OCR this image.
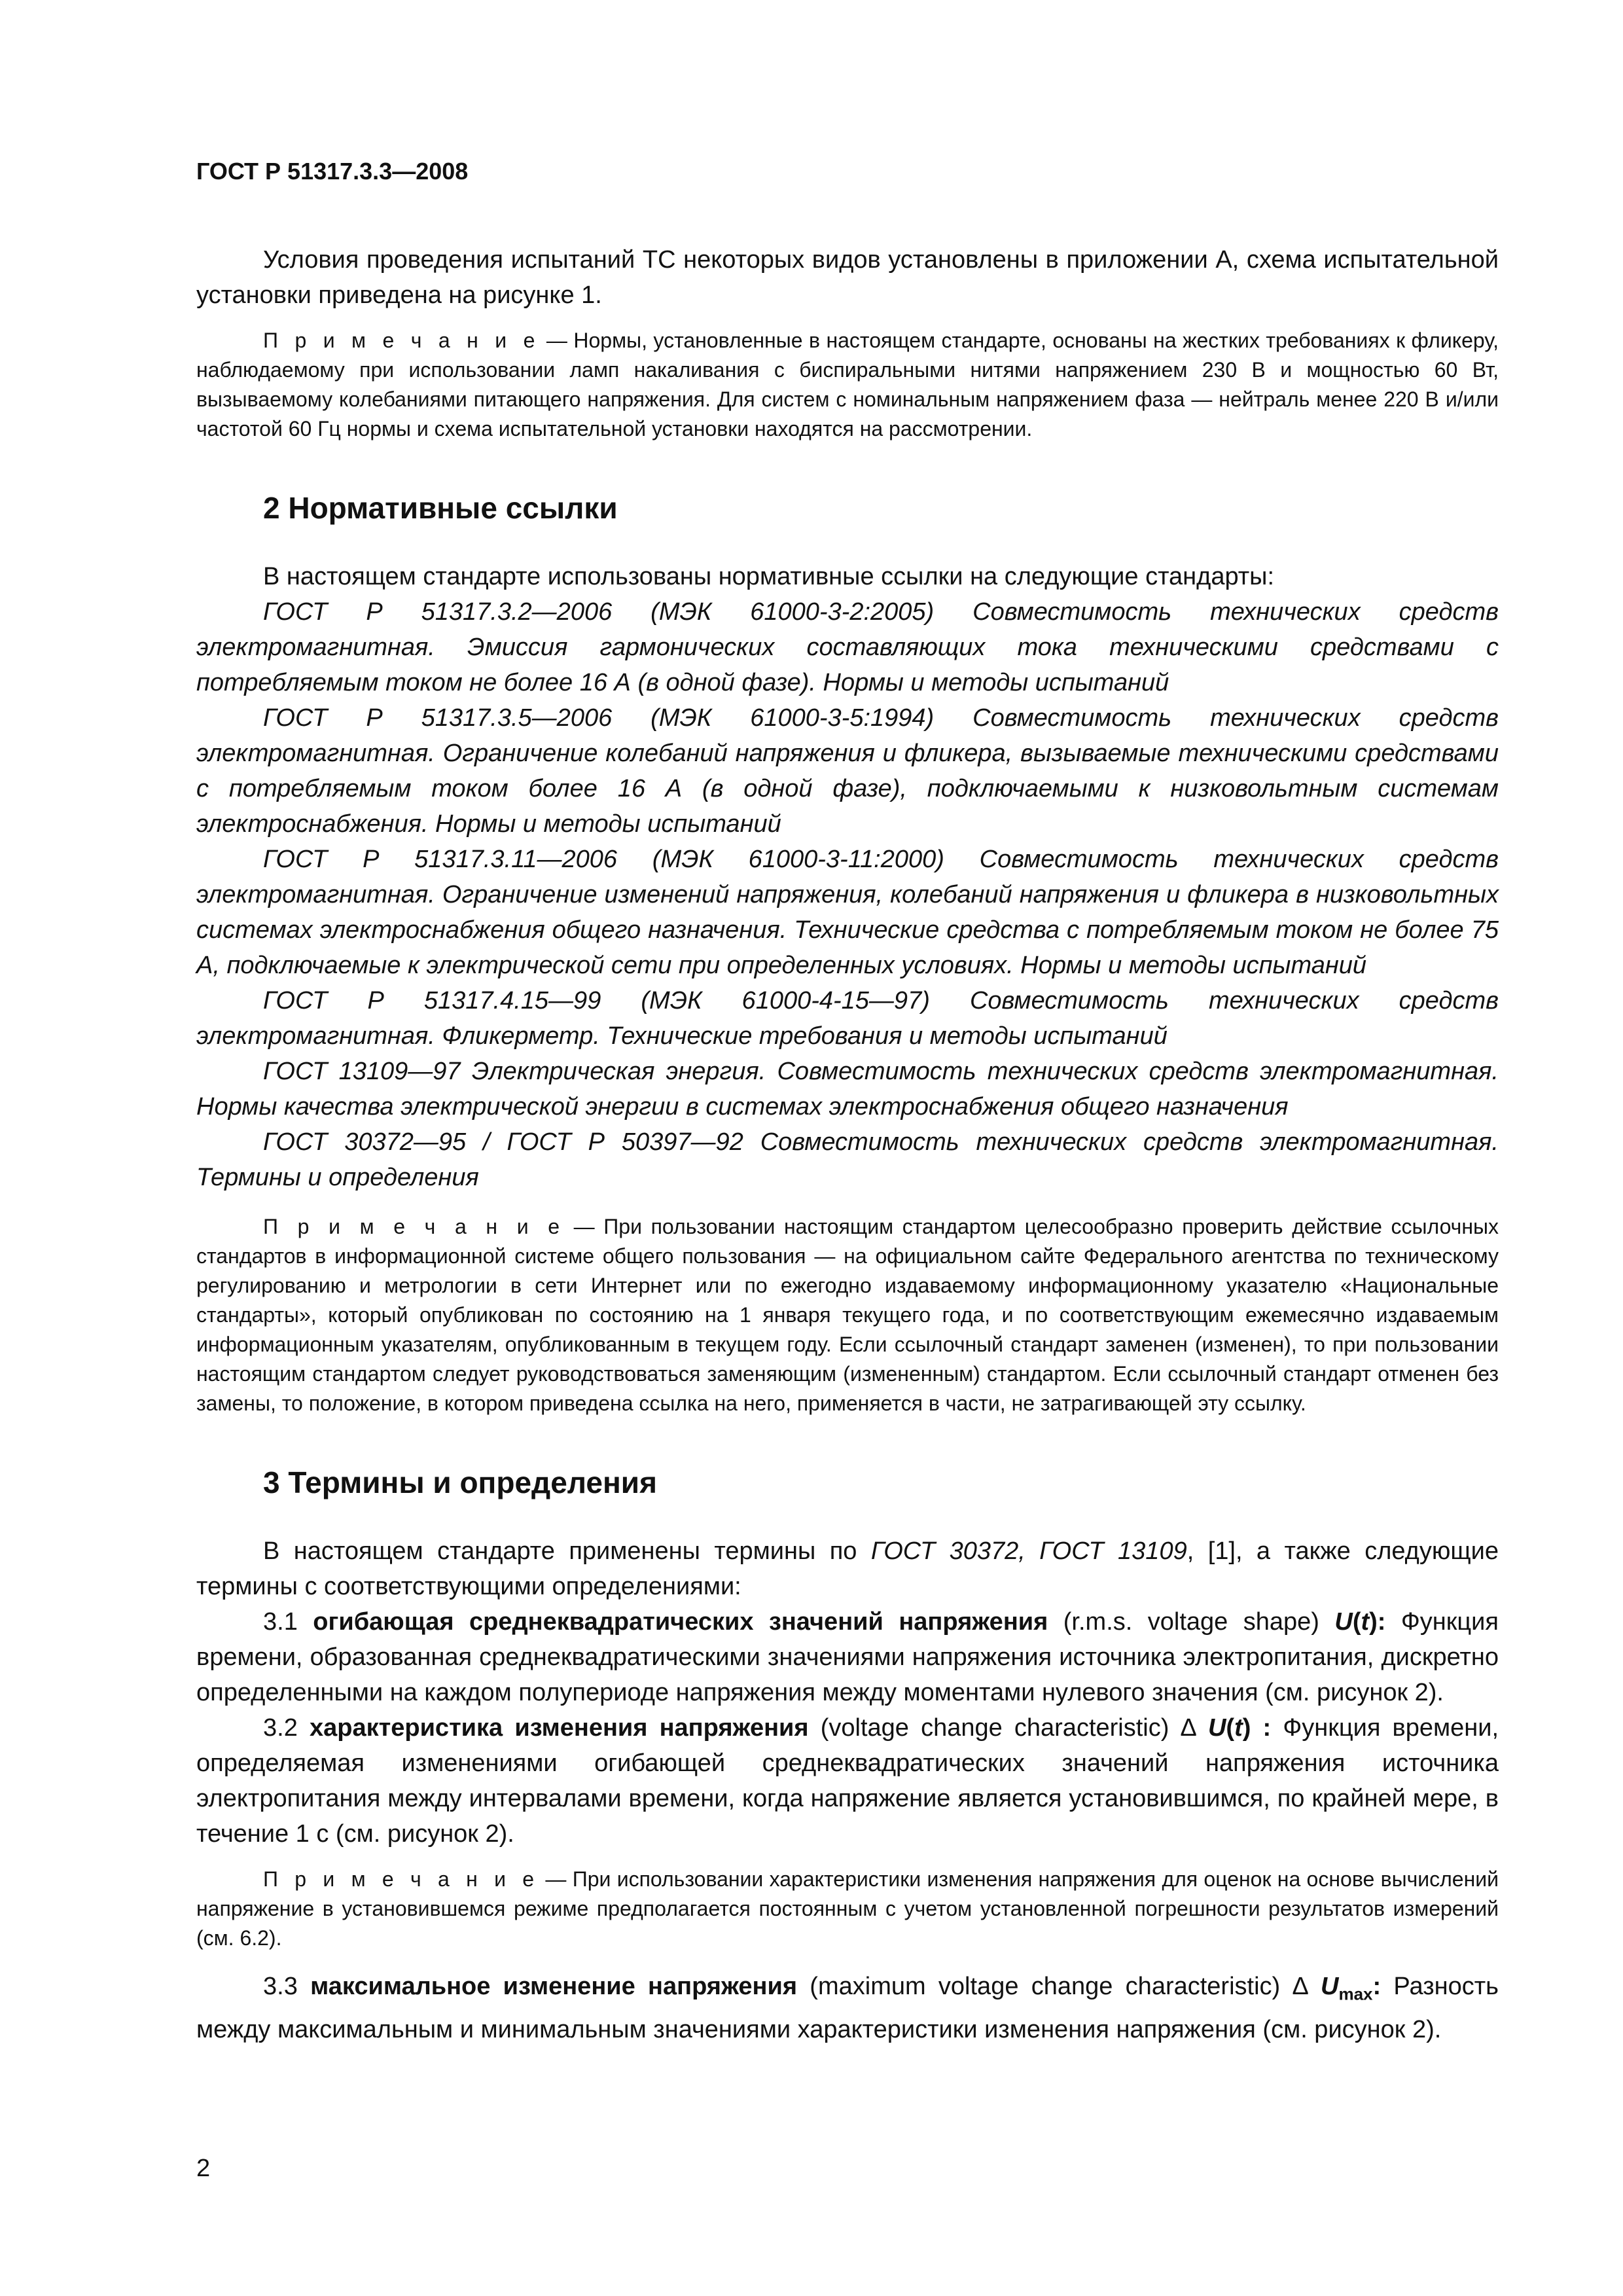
ГОСТ Р 51317.3.3—2008

Условия проведения испытаний ТС некоторых видов установлены в приложении А, схема испытательной установки приведена на рисунке 1.

П р и м е ч а н и е — Нормы, установленные в настоящем стандарте, основаны на жестких требованиях к фликеру, наблюдаемому при использовании ламп накаливания с биспиральными нитями напряжением 230 В и мощностью 60 Вт, вызываемому колебаниями питающего напряжения. Для систем с номинальным напряжением фаза — нейтраль менее 220 В и/или частотой 60 Гц нормы и схема испытательной установки находятся на рассмотрении.

2 Нормативные ссылки

В настоящем стандарте использованы нормативные ссылки на следующие стандарты:

ГОСТ Р 51317.3.2—2006 (МЭК 61000-3-2:2005) Совместимость технических средств электромагнитная. Эмиссия гармонических составляющих тока техническими средствами с потребляемым током не более 16 А (в одной фазе). Нормы и методы испытаний

ГОСТ Р 51317.3.5—2006 (МЭК 61000-3-5:1994) Совместимость технических средств электромагнитная. Ограничение колебаний напряжения и фликера, вызываемые техническими средствами с потребляемым током более 16 А (в одной фазе), подключаемыми к низковольтным системам электроснабжения. Нормы и методы испытаний

ГОСТ Р 51317.3.11—2006 (МЭК 61000-3-11:2000) Совместимость технических средств электромагнитная. Ограничение изменений напряжения, колебаний напряжения и фликера в низковольтных системах электроснабжения общего назначения. Технические средства с потребляемым током не более 75 А, подключаемые к электрической сети при определенных условиях. Нормы и методы испытаний

ГОСТ Р 51317.4.15—99 (МЭК 61000-4-15—97) Совместимость технических средств электромагнитная. Фликерметр. Технические требования и методы испытаний

ГОСТ 13109—97 Электрическая энергия. Совместимость технических средств электромагнитная. Нормы качества электрической энергии в системах электроснабжения общего назначения

ГОСТ 30372—95 / ГОСТ Р 50397—92 Совместимость технических средств электромагнитная. Термины и определения

П р и м е ч а н и е — При пользовании настоящим стандартом целесообразно проверить действие ссылочных стандартов в информационной системе общего пользования — на официальном сайте Федерального агентства по техническому регулированию и метрологии в сети Интернет или по ежегодно издаваемому информационному указателю «Национальные стандарты», который опубликован по состоянию на 1 января текущего года, и по соответствующим ежемесячно издаваемым информационным указателям, опубликованным в текущем году. Если ссылочный стандарт заменен (изменен), то при пользовании настоящим стандартом следует руководствоваться заменяющим (измененным) стандартом. Если ссылочный стандарт отменен без замены, то положение, в котором приведена ссылка на него, применяется в части, не затрагивающей эту ссылку.

3 Термины и определения

В настоящем стандарте применены термины по ГОСТ 30372, ГОСТ 13109, [1], а также следующие термины с соответствующими определениями:

3.1 огибающая среднеквадратических значений напряжения (r.m.s. voltage shape) U(t): Функция времени, образованная среднеквадратическими значениями напряжения источника электропитания, дискретно определенными на каждом полупериоде напряжения между моментами нулевого значения (см. рисунок 2).

3.2 характеристика изменения напряжения (voltage change characteristic) ∆ U(t) : Функция времени, определяемая изменениями огибающей среднеквадратических значений напряжения источника электропитания между интервалами времени, когда напряжение является установившимся, по крайней мере, в течение 1 с (см. рисунок 2).

П р и м е ч а н и е — При использовании характеристики изменения напряжения для оценок на основе вычислений напряжение в установившемся режиме предполагается постоянным с учетом установленной погрешности результатов измерений (см. 6.2).

3.3 максимальное изменение напряжения (maximum voltage change characteristic) ∆ $U_{max}$: Разность между максимальным и минимальным значениями характеристики изменения напряжения (см. рисунок 2).

2
